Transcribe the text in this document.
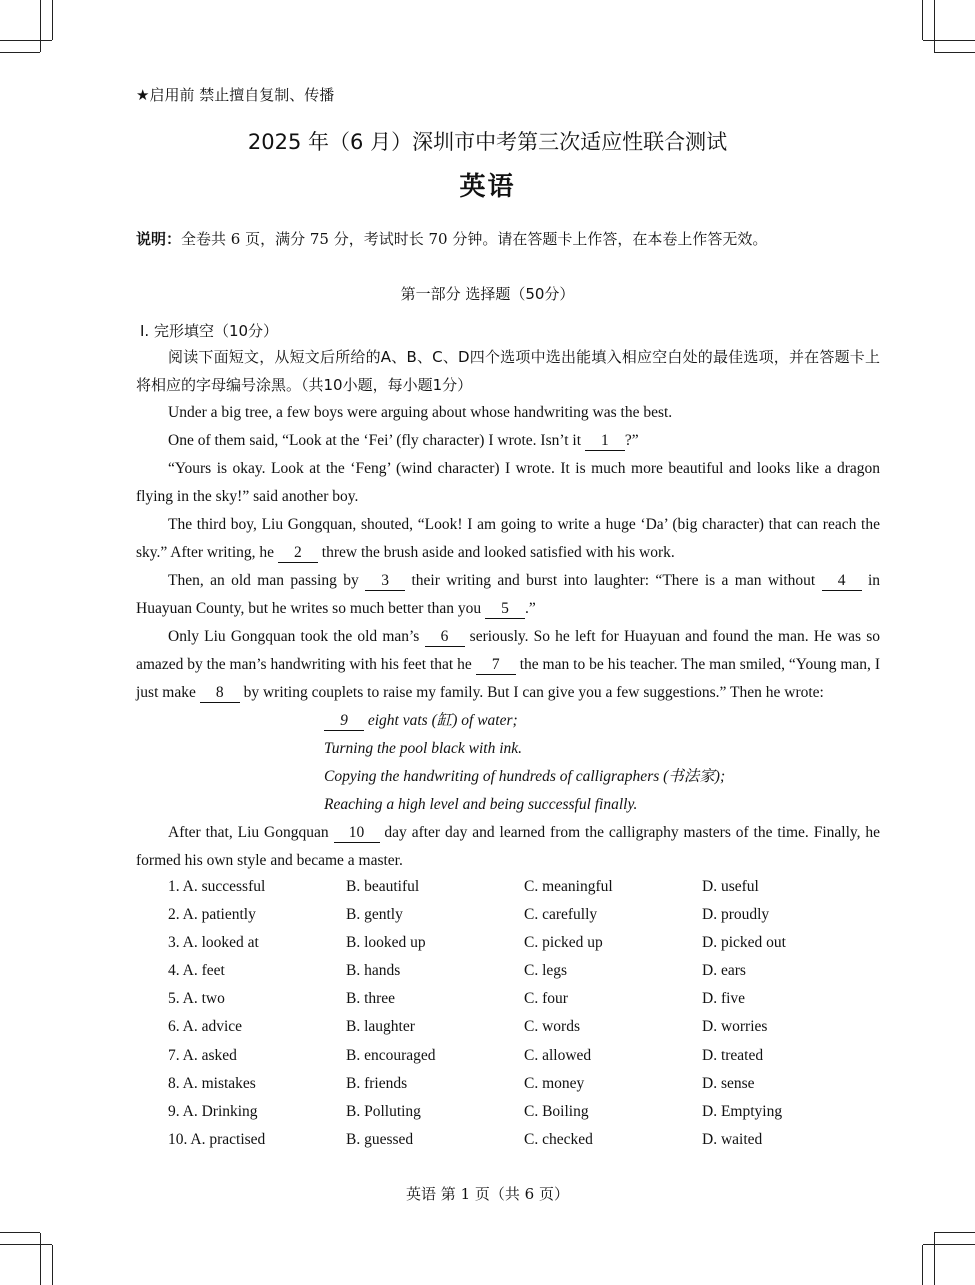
★启用前 禁止擅自复制、传播
2025 年（6 月）深圳市中考第三次适应性联合测试
英语
说明：全卷共 6 页，满分 75 分，考试时长 70 分钟。请在答题卡上作答，在本卷上作答无效。
第一部分 选择题（50分）
Ⅰ. 完形填空（10分）

阅读下面短文，从短文后所给的A、B、C、D四个选项中选出能填入相应空白处的最佳选项，并在答题卡上将相应的字母编号涂黑。（共10小题，每小题1分）

Under a big tree, a few boys were arguing about whose handwriting was the best.

One of them said, “Look at the ‘Fei’ (fly character) I wrote. Isn’t it 1 ?”

“Yours is okay. Look at the ‘Feng’ (wind character) I wrote. It is much more beautiful and looks like a dragon flying in the sky!” said another boy.

The third boy, Liu Gongquan, shouted, “Look! I am going to write a huge ‘Da’ (big character) that can reach the sky.” After writing, he 2 threw the brush aside and looked satisfied with his work.

Then, an old man passing by 3 their writing and burst into laughter: “There is a man without 4 in Huayuan County, but he writes so much better than you 5 .”

Only Liu Gongquan took the old man’s 6 seriously. So he left for Huayuan and found the man. He was so amazed by the man’s handwriting with his feet that he 7 the man to be his teacher. The man smiled, “Young man, I just make 8 by writing couplets to raise my family. But I can give you a few suggestions.” Then he wrote:

9 eight vats (缸) of water;

Turning the pool black with ink.

Copying the handwriting of hundreds of calligraphers (书法家);

Reaching a high level and being successful finally.

After that, Liu Gongquan 10 day after day and learned from the calligraphy masters of the time. Finally, he formed his own style and became a master.

1. A. successful	B. beautiful	C. meaningful	D. useful
2. A. patiently	B. gently	C. carefully	D. proudly
3. A. looked at	B. looked up	C. picked up	D. picked out
4. A. feet	B. hands	C. legs	D. ears
5. A. two	B. three	C. four	D. five
6. A. advice	B. laughter	C. words	D. worries
7. A. asked	B. encouraged	C. allowed	D. treated
8. A. mistakes	B. friends	C. money	D. sense
9. A. Drinking	B. Polluting	C. Boiling	D. Emptying
10. A. practised	B. guessed	C. checked	D. waited
英语 第 1 页（共 6 页）
